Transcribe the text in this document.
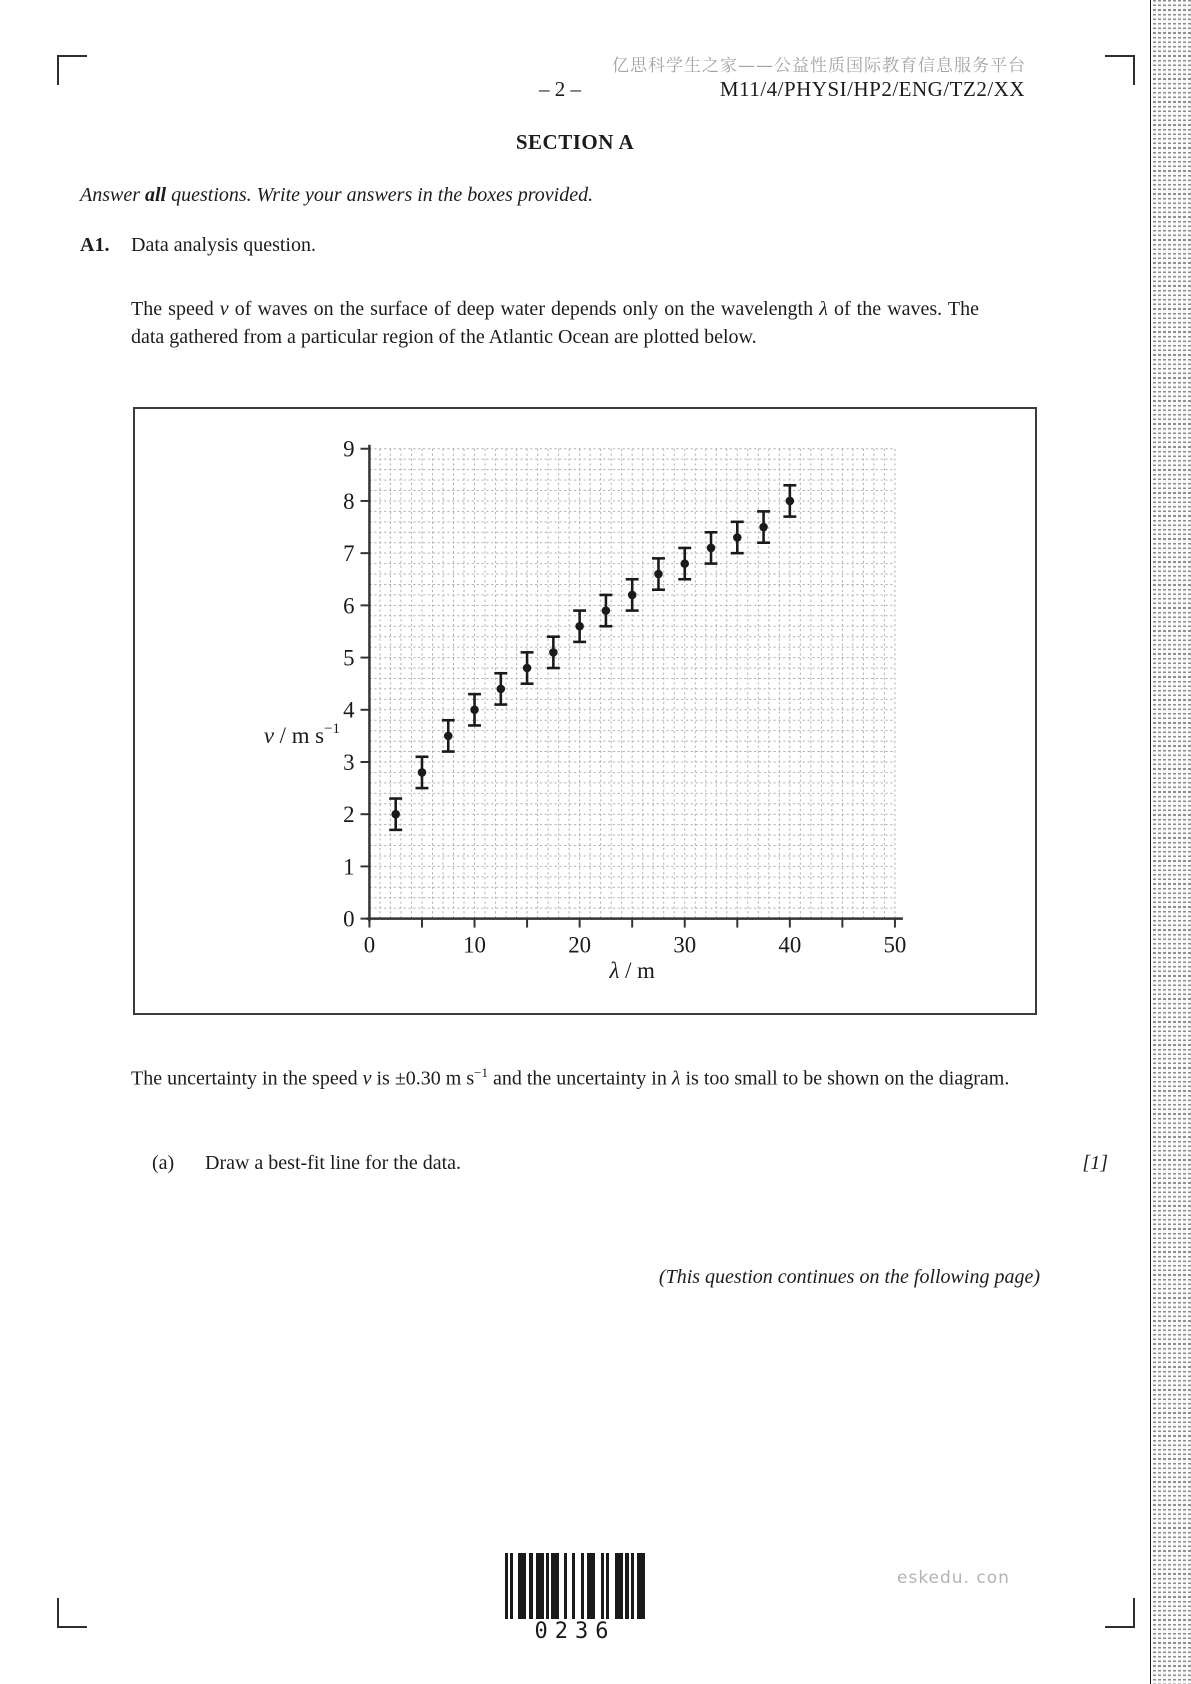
亿思科学生之家——公益性质国际教育信息服务平台
– 2 –	M11/4/PHYSI/HP2/ENG/TZ2/XX
SECTION A
Answer all questions. Write your answers in the boxes provided.
A1. Data analysis question.
The speed v of waves on the surface of deep water depends only on the wavelength λ of the waves. The data gathered from a particular region of the Atlantic Ocean are plotted below.
0
1
2
3
4
5
6
7
8
9
0	10	20	30	40	50
v / m $s^{-1}$
λ / m
The uncertainty in the speed v is ±0.30 m $s^{-1}$ and the uncertainty in λ is too small to be shown on the diagram.
(a) Draw a best-fit line for the data.	[1]
(This question continues on the following page)
0236
eskedu. con
